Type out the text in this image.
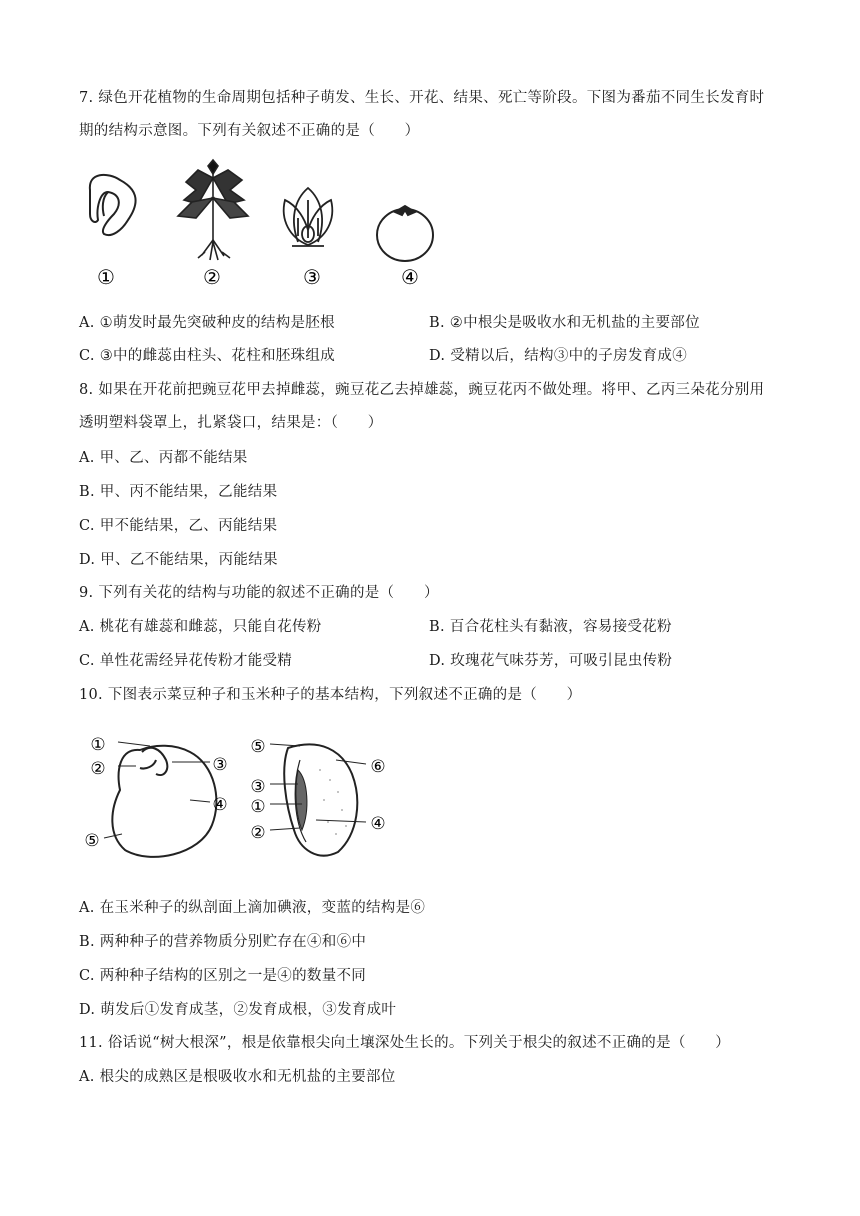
7. 绿色开花植物的生命周期包括种子萌发、生长、开花、结果、死亡等阶段。下图为番茄不同生长发育时
期的结构示意图。下列有关叙述不正确的是（　　）
①	②	③	④
A. ①萌发时最先突破种皮的结构是胚根	B. ②中根尖是吸收水和无机盐的主要部位
C. ③中的雌蕊由柱头、花柱和胚珠组成	D. 受精以后，结构③中的子房发育成④
8. 如果在开花前把豌豆花甲去掉雌蕊，豌豆花乙去掉雄蕊，豌豆花丙不做处理。将甲、乙丙三朵花分别用
透明塑料袋罩上，扎紧袋口，结果是：（　　）
A. 甲、乙、丙都不能结果
B. 甲、丙不能结果，乙能结果
C. 甲不能结果，乙、丙能结果
D. 甲、乙不能结果，丙能结果
9. 下列有关花的结构与功能的叙述不正确的是（　　）
A. 桃花有雄蕊和雌蕊，只能自花传粉	B. 百合花柱头有黏液，容易接受花粉
C. 单性花需经异花传粉才能受精	D. 玫瑰花气味芬芳，可吸引昆虫传粉
10. 下图表示菜豆种子和玉米种子的基本结构，下列叙述不正确的是（　　）
①
②	③
④
⑤
⑤
⑥
③
①
④
②
A. 在玉米种子的纵剖面上滴加碘液，变蓝的结构是⑥
B. 两种种子的营养物质分别贮存在④和⑥中
C. 两种种子结构的区别之一是④的数量不同
D. 萌发后①发育成茎，②发育成根，③发育成叶
11. 俗话说“树大根深”，根是依靠根尖向土壤深处生长的。下列关于根尖的叙述不正确的是（　　）
A. 根尖的成熟区是根吸收水和无机盐的主要部位
